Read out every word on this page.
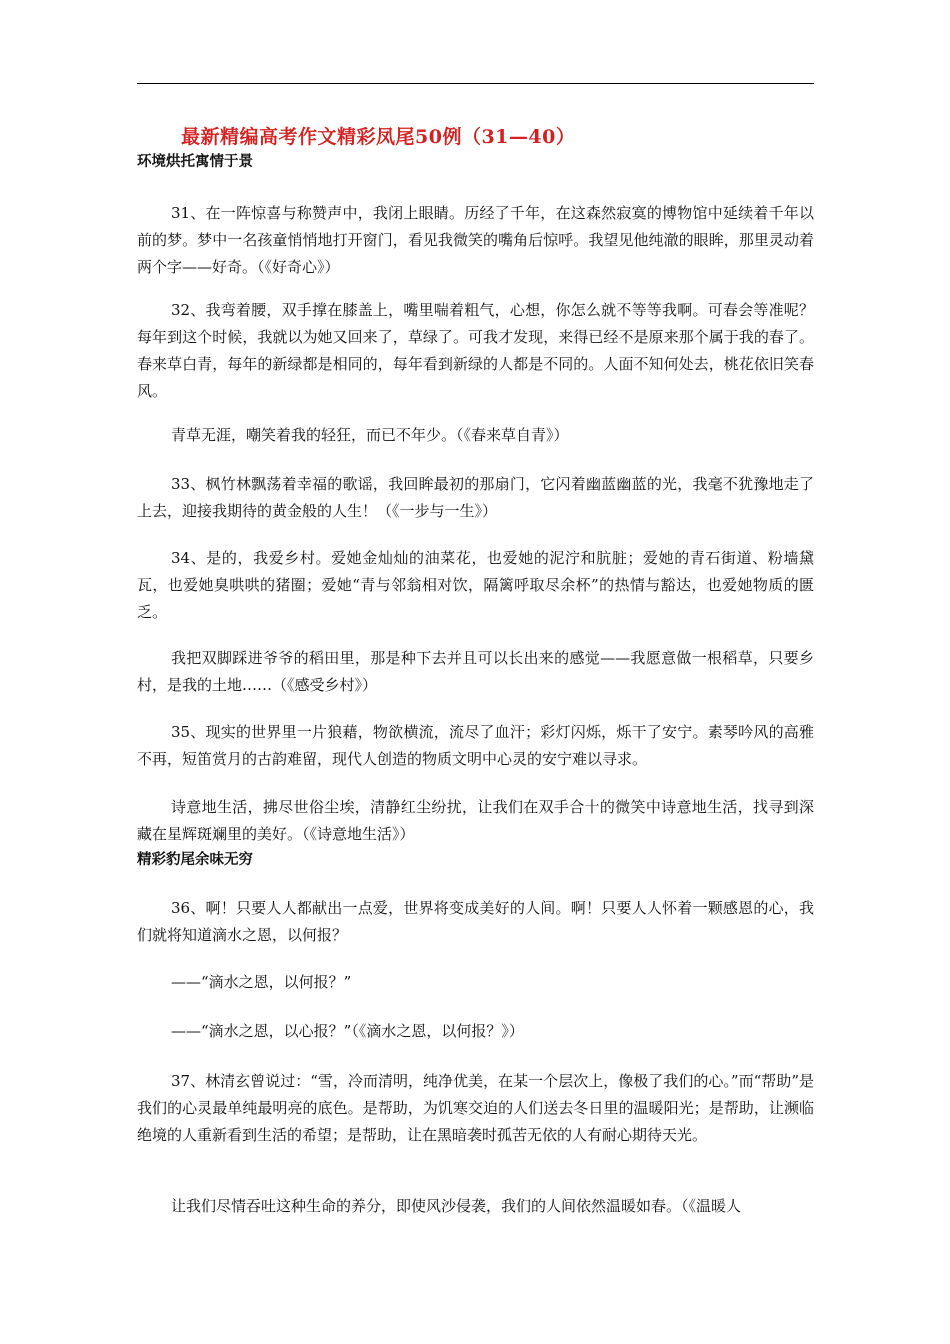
最新精编高考作文精彩凤尾50例（31—40）
环境烘托寓情于景

31、在一阵惊喜与称赞声中，我闭上眼睛。历经了千年，在这森然寂寞的博物馆中延续着千年以前的梦。梦中一名孩童悄悄地打开窗门，看见我微笑的嘴角后惊呼。我望见他纯澈的眼眸，那里灵动着两个字——好奇。（《好奇心》）

32、我弯着腰，双手撑在膝盖上，嘴里喘着粗气，心想，你怎么就不等等我啊。可春会等准呢？每年到这个时候，我就以为她又回来了，草绿了。可我才发现，来得已经不是原来那个属于我的春了。春来草白青，每年的新绿都是相同的，每年看到新绿的人都是不同的。人面不知何处去，桃花依旧笑春风。

青草无涯，嘲笑着我的轻狂，而已不年少。（《春来草自青》）

33、枫竹林飘荡着幸福的歌谣，我回眸最初的那扇门，它闪着幽蓝幽蓝的光，我毫不犹豫地走了上去，迎接我期待的黄金般的人生！（《一步与一生》）

34、是的，我爱乡村。爱她金灿灿的油菜花，也爱她的泥泞和肮脏；爱她的青石街道、粉墙黛瓦，也爱她臭哄哄的猪圈；爱她“青与邻翁相对饮，隔篱呼取尽余杯”的热情与豁达，也爱她物质的匮乏。

我把双脚踩进爷爷的稻田里，那是种下去并且可以长出来的感觉——我愿意做一根稻草，只要乡村，是我的土地……（《感受乡村》）

35、现实的世界里一片狼藉，物欲横流，流尽了血汗；彩灯闪烁，烁干了安宁。素琴吟风的高雅不再，短笛赏月的古韵难留，现代人创造的物质文明中心灵的安宁难以寻求。

诗意地生活，拂尽世俗尘埃，清静红尘纷扰，让我们在双手合十的微笑中诗意地生活，找寻到深藏在星辉斑斓里的美好。（《诗意地生活》）

精彩豹尾余味无穷

36、啊！只要人人都献出一点爱，世界将变成美好的人间。啊！只要人人怀着一颗感恩的心，我们就将知道滴水之恩，以何报？

——“滴水之恩，以何报？”

——“滴水之恩，以心报？”（《滴水之恩，以何报？》）

37、林清玄曾说过：“雪，冷而清明，纯净优美，在某一个层次上，像极了我们的心。”而“帮助”是我们的心灵最单纯最明亮的底色。是帮助，为饥寒交迫的人们送去冬日里的温暖阳光；是帮助，让濒临绝境的人重新看到生活的希望；是帮助，让在黑暗袭时孤苦无依的人有耐心期待天光。

让我们尽情吞吐这种生命的养分，即使风沙侵袭，我们的人间依然温暖如春。（《温暖人
